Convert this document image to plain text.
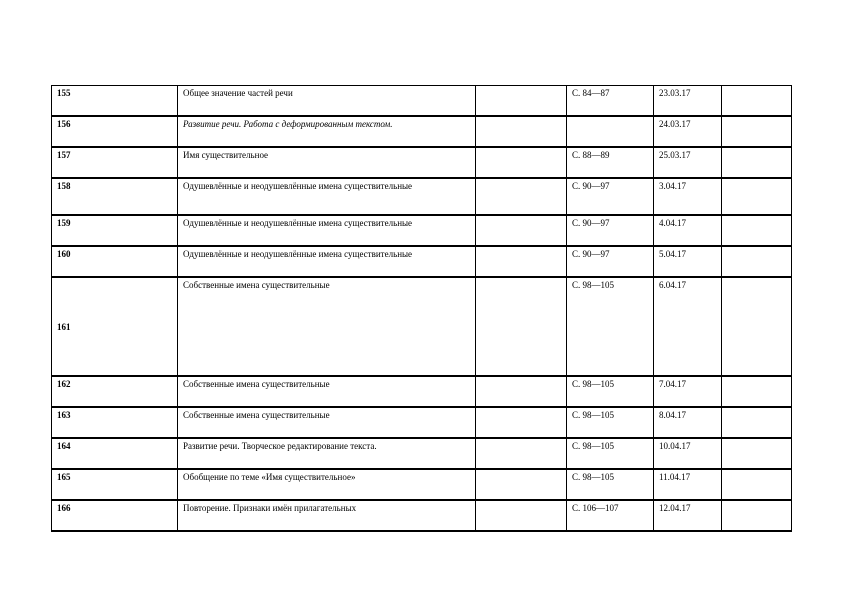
155	Общее значение частей речи		С. 84—87	23.03.17	
156	Развитие речи. Работа с деформированным текстом.			24.03.17	
157	Имя существительное		С. 88—89	25.03.17	
158	Одушевлённые и неодушевлённые имена существительные		С. 90—97	3.04.17	
159	Одушевлённые и неодушевлённые имена существительные		С. 90—97	4.04.17	
160	Одушевлённые и неодушевлённые имена существительные		С. 90—97	5.04.17	
161	Собственные имена существительные		С. 98—105	6.04.17	
162	Собственные имена существительные		С. 98—105	7.04.17	
163	Собственные имена существительные		С. 98—105	8.04.17	
164	Развитие речи. Творческое редактирование текста.		С. 98—105	10.04.17	
165	Обобщение по теме «Имя существительное»		С. 98—105	11.04.17	
166	Повторение. Признаки имён прилагательных		С. 106—107	12.04.17	
